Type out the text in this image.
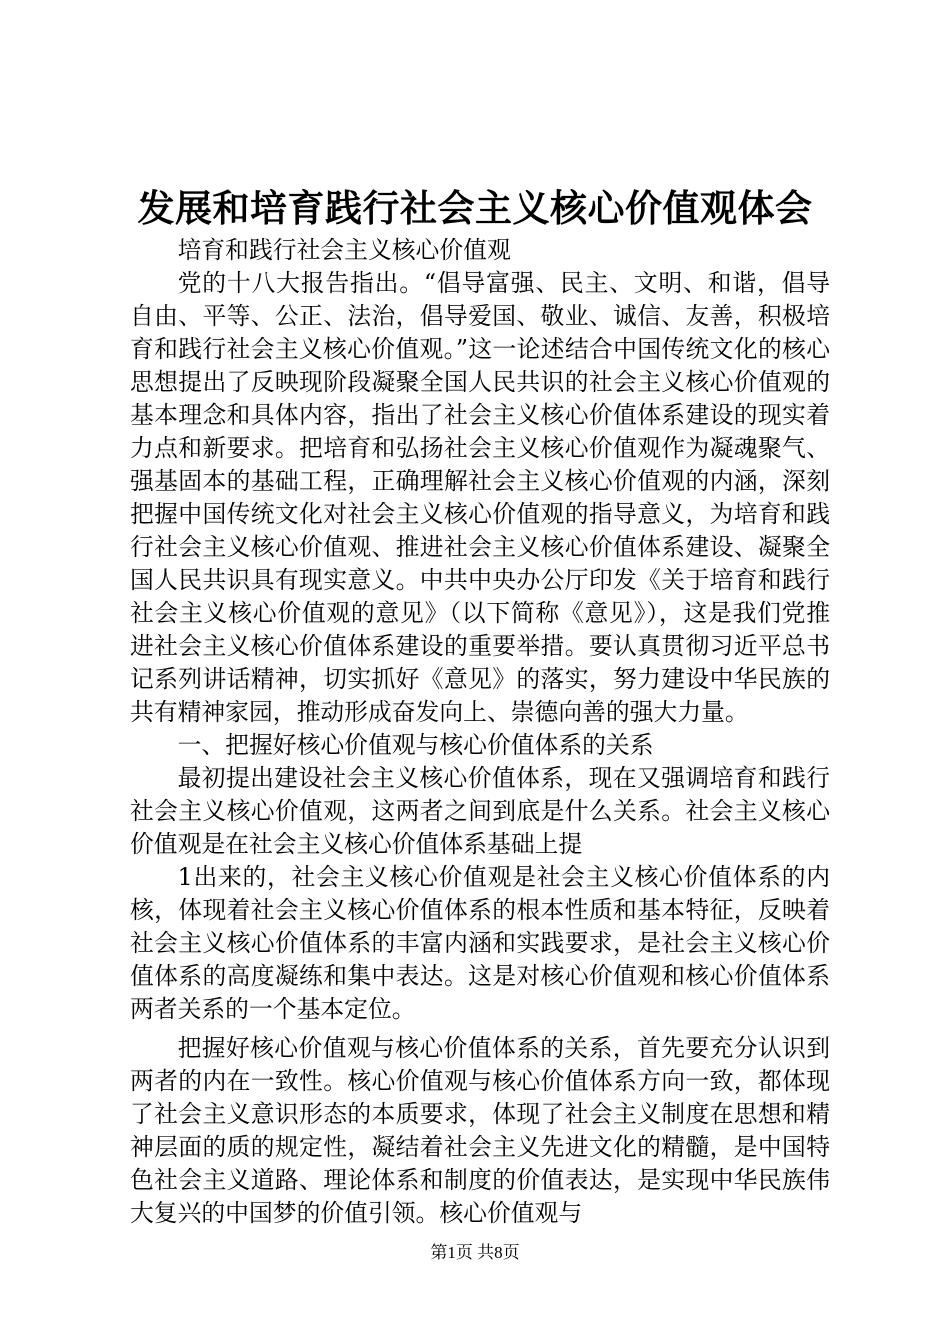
发展和培育践行社会主义核心价值观体会

培育和践行社会主义核心价值观

党的十八大报告指出。“倡导富强、民主、文明、和谐，倡导自由、平等、公正、法治，倡导爱国、敬业、诚信、友善，积极培育和践行社会主义核心价值观。”这一论述结合中国传统文化的核心思想提出了反映现阶段凝聚全国人民共识的社会主义核心价值观的基本理念和具体内容，指出了社会主义核心价值体系建设的现实着力点和新要求。把培育和弘扬社会主义核心价值观作为凝魂聚气、强基固本的基础工程，正确理解社会主义核心价值观的内涵，深刻把握中国传统文化对社会主义核心价值观的指导意义，为培育和践行社会主义核心价值观、推进社会主义核心价值体系建设、凝聚全国人民共识具有现实意义。中共中央办公厅印发《关于培育和践行社会主义核心价值观的意见》（以下简称《意见》），这是我们党推进社会主义核心价值体系建设的重要举措。要认真贯彻习近平总书记系列讲话精神，切实抓好《意见》的落实，努力建设中华民族的共有精神家园，推动形成奋发向上、崇德向善的强大力量。

一、把握好核心价值观与核心价值体系的关系

最初提出建设社会主义核心价值体系，现在又强调培育和践行社会主义核心价值观，这两者之间到底是什么关系。社会主义核心价值观是在社会主义核心价值体系基础上提

1出来的，社会主义核心价值观是社会主义核心价值体系的内核，体现着社会主义核心价值体系的根本性质和基本特征，反映着社会主义核心价值体系的丰富内涵和实践要求，是社会主义核心价值体系的高度凝练和集中表达。这是对核心价值观和核心价值体系两者关系的一个基本定位。

把握好核心价值观与核心价值体系的关系，首先要充分认识到两者的内在一致性。核心价值观与核心价值体系方向一致，都体现了社会主义意识形态的本质要求，体现了社会主义制度在思想和精神层面的质的规定性，凝结着社会主义先进文化的精髓，是中国特色社会主义道路、理论体系和制度的价值表达，是实现中华民族伟大复兴的中国梦的价值引领。核心价值观与

第1页 共8页
